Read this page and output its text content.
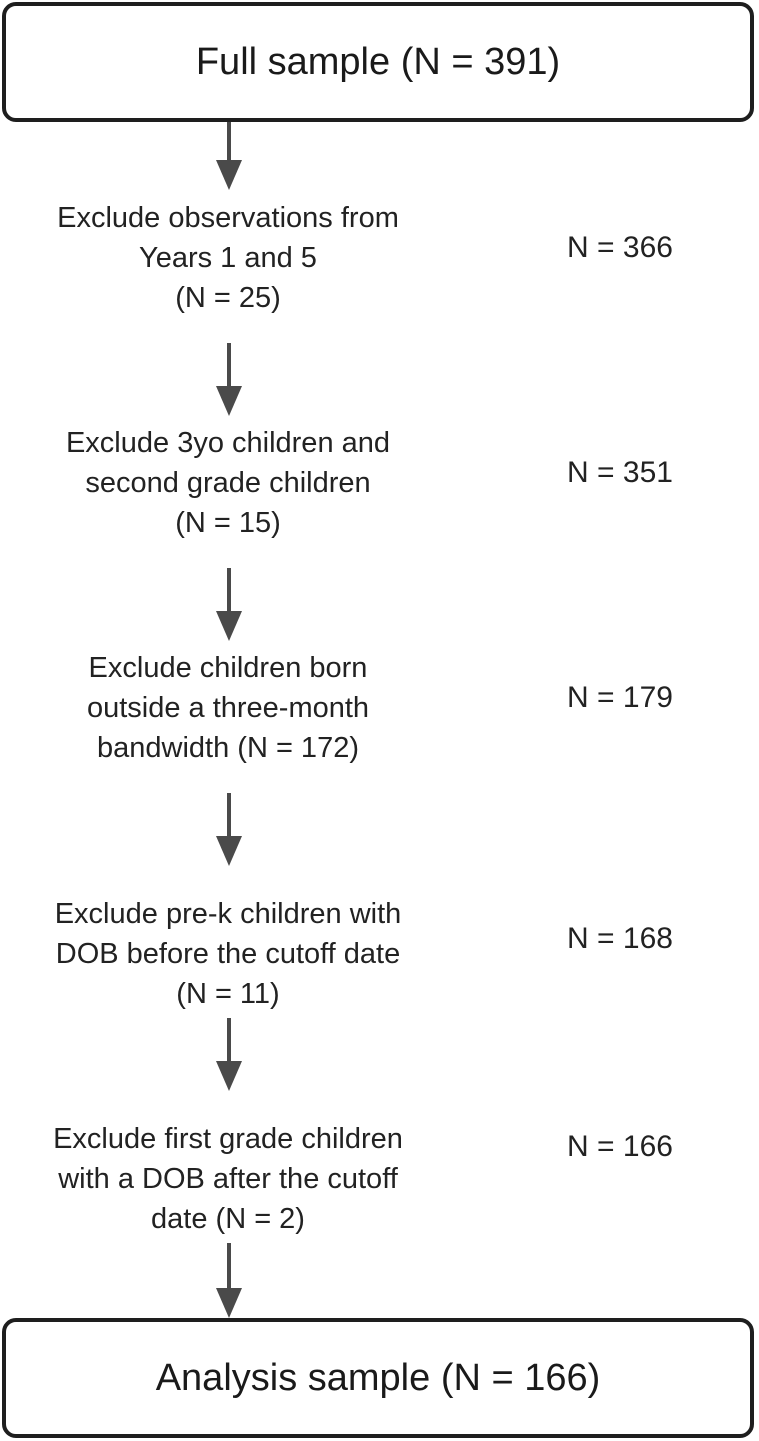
Full sample (N = 391)
Exclude observations from
Years 1 and 5
(N = 25)
N = 366
Exclude 3yo children and
second grade children
(N = 15)
N = 351
Exclude children born
outside a three-month
bandwidth (N = 172)
N = 179
Exclude pre-k children with
DOB before the cutoff date
(N = 11)
N = 168
Exclude first grade children
with a DOB after the cutoff
date (N = 2)
N = 166
Analysis sample (N = 166)
